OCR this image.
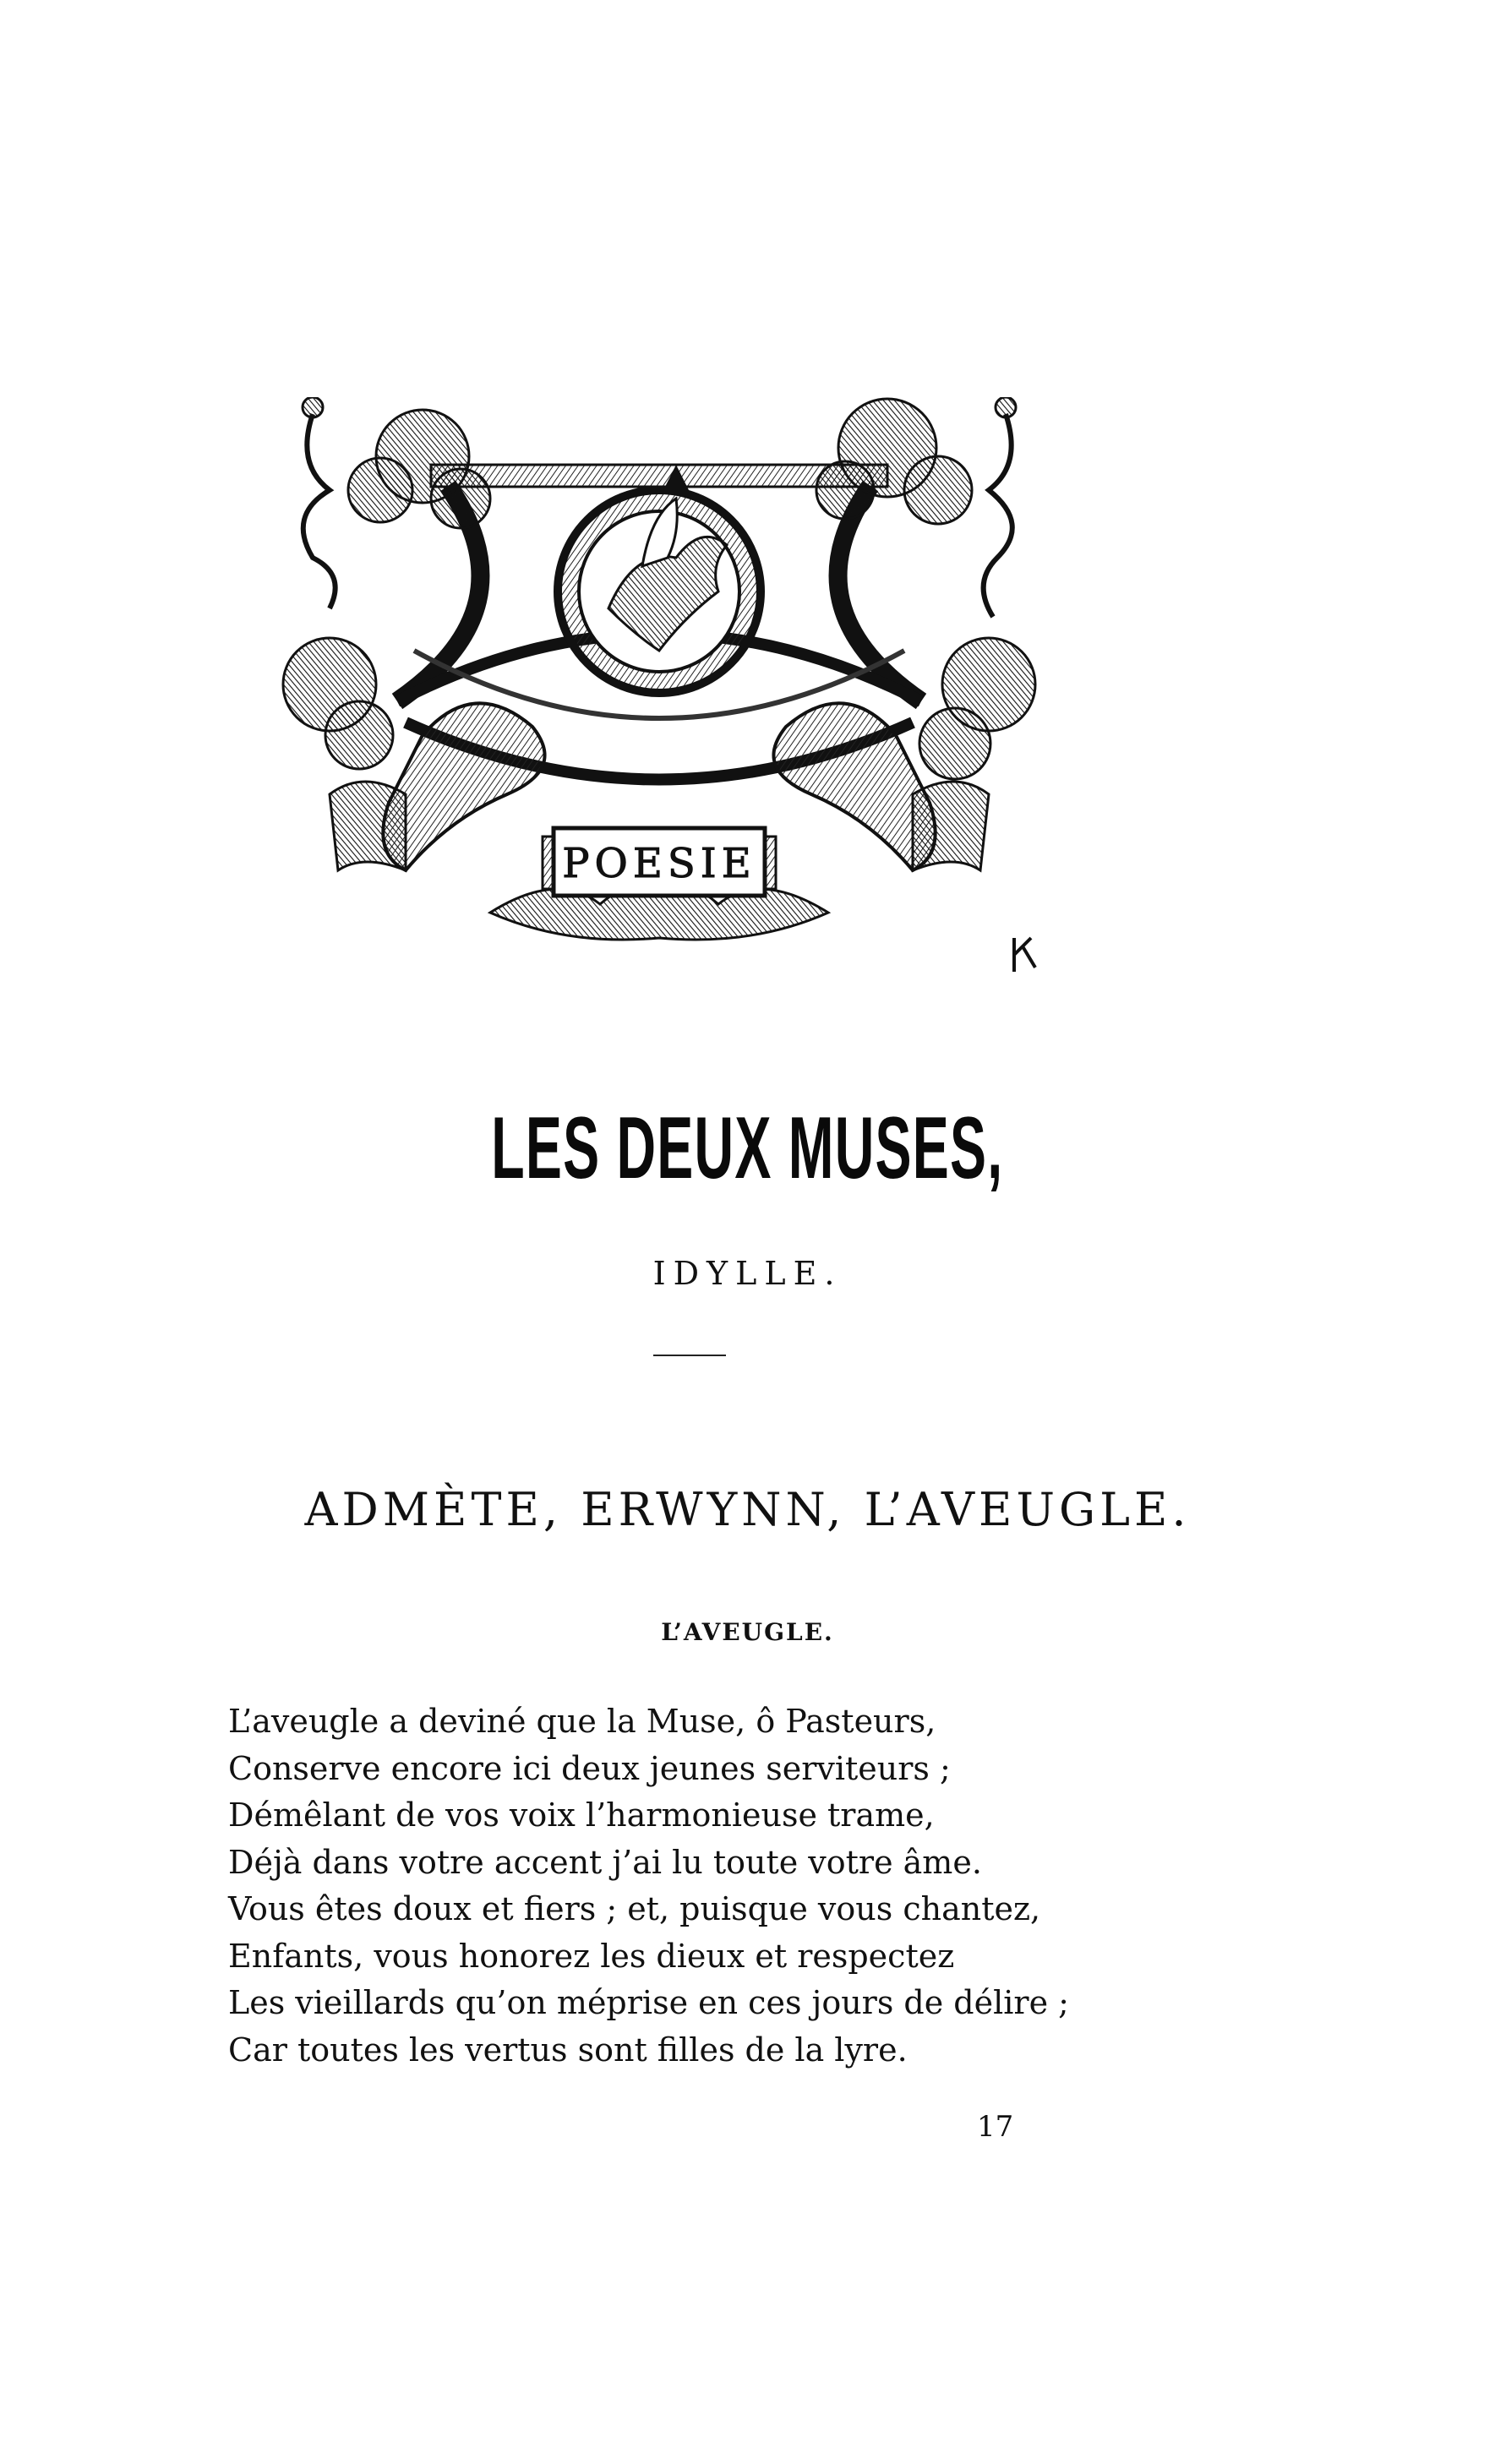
POESIE
LES DEUX MUSES,
IDYLLE.
ADMÈTE, ERWYNN, L’AVEUGLE.
L’AVEUGLE.
L’aveugle a deviné que la Muse, ô Pasteurs,
Conserve encore ici deux jeunes serviteurs ;
Démêlant de vos voix l’harmonieuse trame,
Déjà dans votre accent j’ai lu toute votre âme.
Vous êtes doux et fiers ; et, puisque vous chantez,
Enfants, vous honorez les dieux et respectez
Les vieillards qu’on méprise en ces jours de délire ;
Car toutes les vertus sont filles de la lyre.
17
